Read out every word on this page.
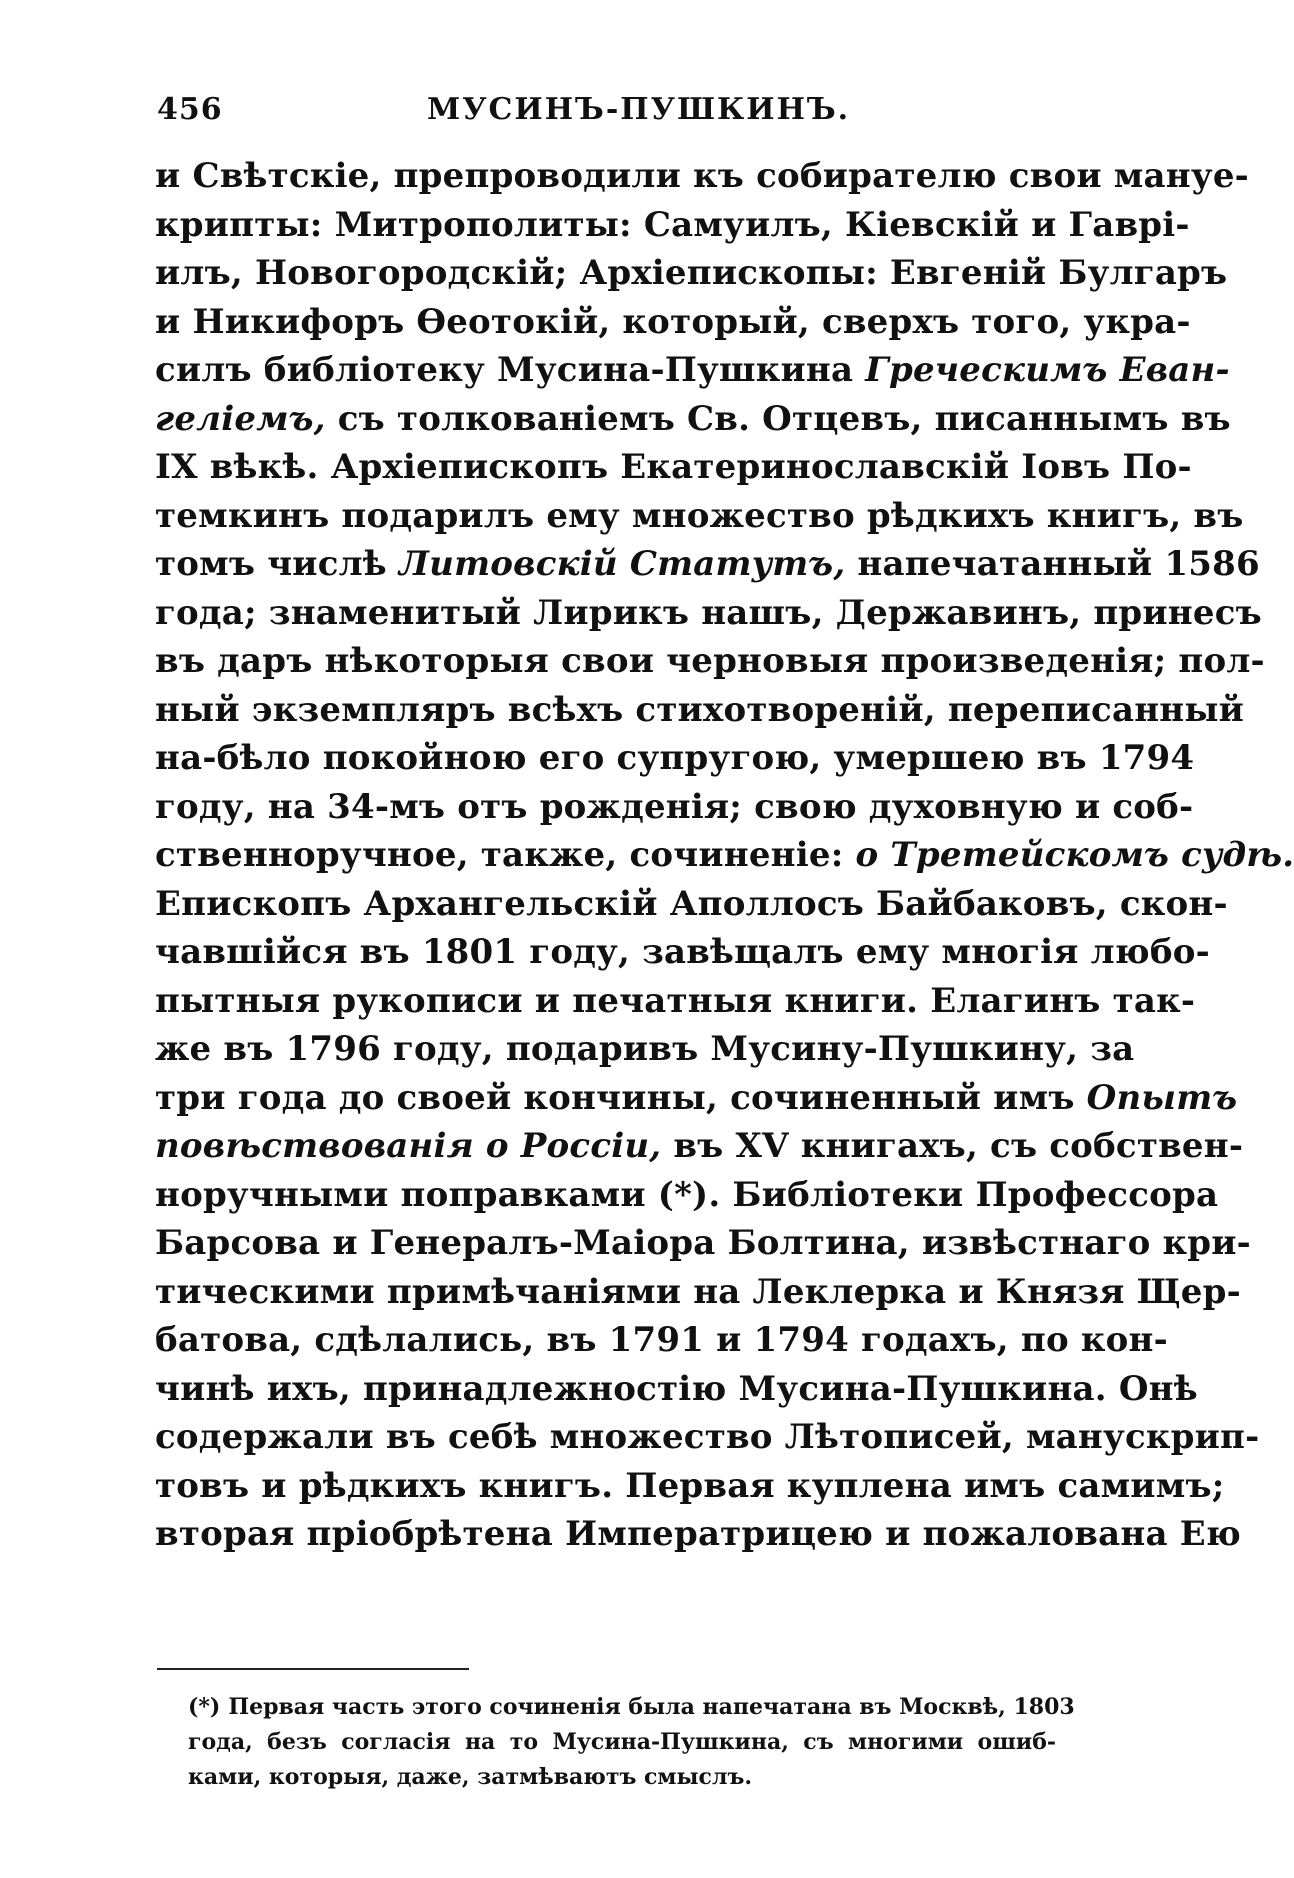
456	МУСИНЪ-ПУШКИНЪ.
и Свѣтскіе, препроводили къ собирателю свои мануе-
крипты: Митрополиты: Самуилъ, Кіевскій и Гаврі-
илъ, Новогородскій; Архіепископы: Евгеній Булгаръ
и Никифоръ Ѳеотокій, который, сверхъ того, укра-
силъ библіотеку Мусина-Пушкина Греческимъ Еван-
геліемъ, съ толкованіемъ Св. Отцевъ, писаннымъ въ
IX вѣкѣ. Архіепископъ Екатеринославскій Іовъ По-
темкинъ подарилъ ему множество рѣдкихъ книгъ, въ
томъ числѣ Литовскій Статутъ, напечатанный 1586
года; знаменитый Лирикъ нашъ, Державинъ, принесъ
въ даръ нѣкоторыя свои черновыя произведенія; пол-
ный экземпляръ всѣхъ стихотвореній, переписанный
на-бѣло покойною его супругою, умершею въ 1794
году, на 34-мъ отъ рожденія; свою духовную и соб-
ственноручное, также, сочиненіе: о Третейскомъ судѣ.
Епископъ Архангельскій Аполлосъ Байбаковъ, скон-
чавшійся въ 1801 году, завѣщалъ ему многія любо-
пытныя рукописи и печатныя книги. Елагинъ так-
же въ 1796 году, подаривъ Мусину-Пушкину, за
три года до своей кончины, сочиненный имъ Опытъ
повѣствованія о Россіи, въ XV книгахъ, съ собствен-
норучными поправками (*). Библіотеки Профессора
Барсова и Генералъ-Маіора Болтина, извѣстнаго кри-
тическими примѣчаніями на Леклерка и Князя Щер-
батова, сдѣлались, въ 1791 и 1794 годахъ, по кон-
чинѣ ихъ, принадлежностію Мусина-Пушкина. Онѣ
содержали въ себѣ множество Лѣтописей, манускрип-
товъ и рѣдкихъ книгъ. Первая куплена имъ самимъ;
вторая пріобрѣтена Императрицею и пожалована Ею
(*) Первая часть этого сочиненія была напечатана въ Москвѣ, 1803
года, безъ согласія на то Мусина-Пушкина, съ многими ошиб-
ками, которыя, даже, затмѣваютъ смыслъ.
